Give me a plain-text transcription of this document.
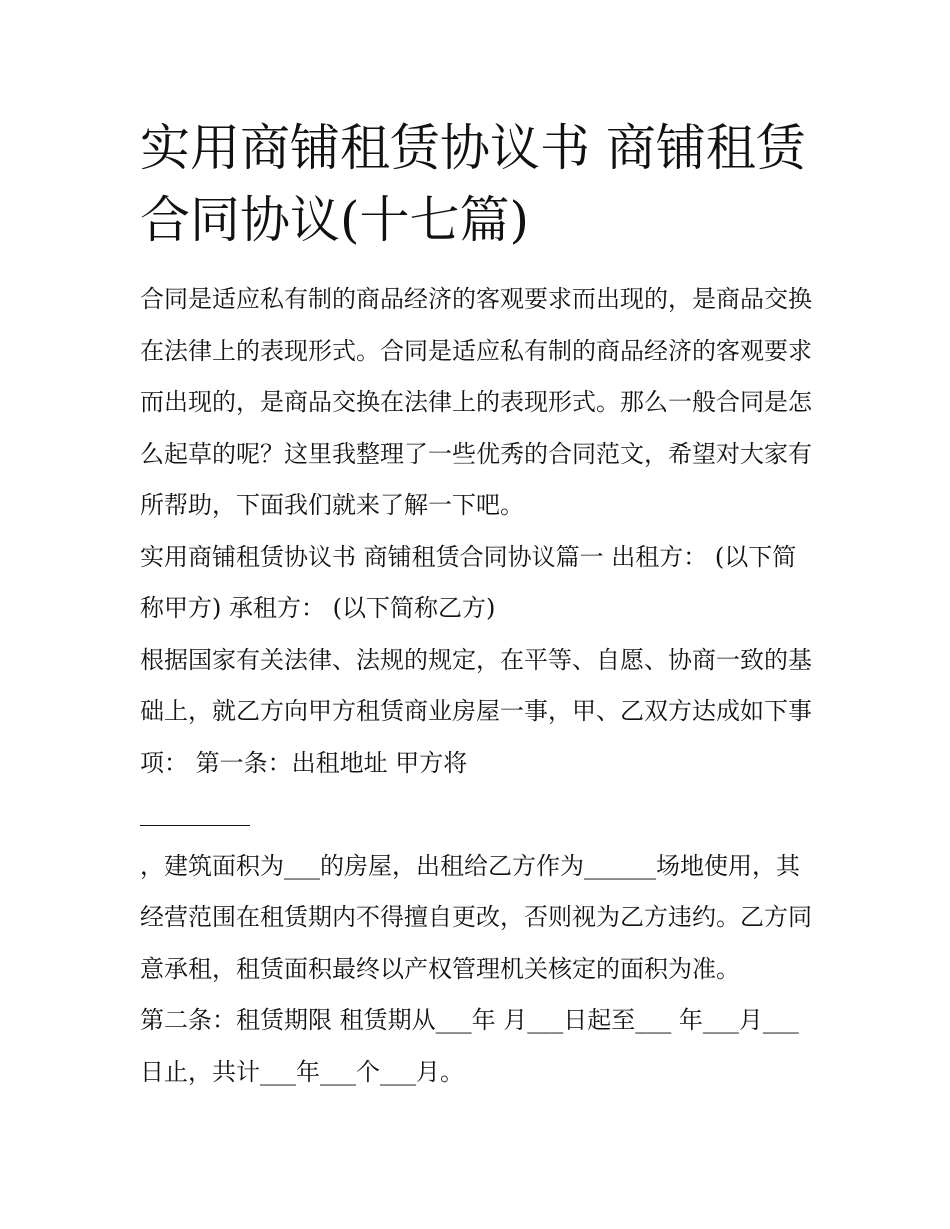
实用商铺租赁协议书 商铺租赁
合同协议(十七篇)

合同是适应私有制的商品经济的客观要求而出现的，是商品交换在法律上的表现形式。合同是适应私有制的商品经济的客观要求而出现的，是商品交换在法律上的表现形式。那么一般合同是怎么起草的呢？这里我整理了一些优秀的合同范文，希望对大家有所帮助，下面我们就来了解一下吧。

实用商铺租赁协议书 商铺租赁合同协议篇一 出租方： (以下简称甲方) 承租方： (以下简称乙方)

根据国家有关法律、法规的规定，在平等、自愿、协商一致的基础上，就乙方向甲方租赁商业房屋一事，甲、乙双方达成如下事项： 第一条：出租地址 甲方将

，建筑面积为___的房屋，出租给乙方作为______场地使用，其经营范围在租赁期内不得擅自更改，否则视为乙方违约。乙方同意承租，租赁面积最终以产权管理机关核定的面积为准。

第二条：租赁期限 租赁期从___年 月___日起至___ 年___月___日止，共计___年___个___月。
